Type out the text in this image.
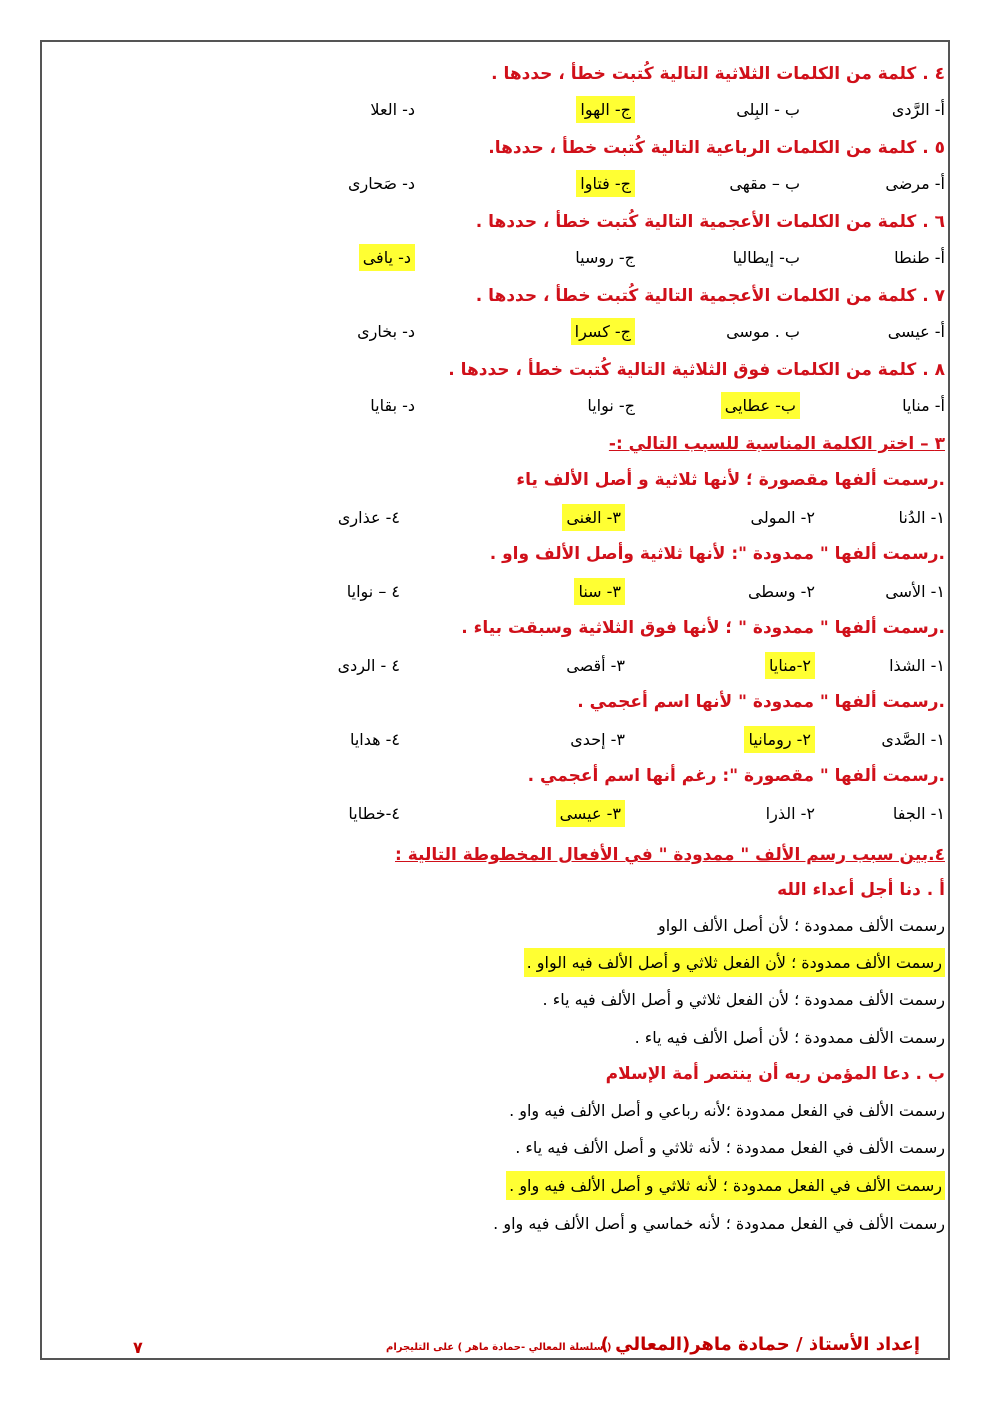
٤ . كلمة من الكلمات الثلاثية التالية كُتبت خطأ ، حددها .
أ- الرَّدى
ب - البِلى
ج- الهوا
د- العلا
٥ . كلمة من الكلمات الرباعية التالية كُتبت خطأ ، حددها.
أ- مرضى
ب – مقهى
ج- فتاوا
د- صَحارى
٦ . كلمة من الكلمات الأعجمية التالية كُتبت خطأ ، حددها .
أ- طنطا
ب- إيطاليا
ج- روسيا
د- يافى
٧ . كلمة من الكلمات الأعجمية التالية كُتبت خطأ ، حددها .
أ- عيسى
ب . موسى
ج- كسرا
د- بخارى
٨ . كلمة من الكلمات فوق الثلاثية التالية كُتبت خطأ ، حددها .
أ- منايا
ب- عطايى
ج- نوايا
د- بقايا
٣ – اختر الكلمة المناسبة للسبب التالي :-
.رسمت ألفها مقصورة ؛ لأنها ثلاثية و أصل الألف ياء
١- الدُنا
٢- المولى
٣- الغنى
٤- عذارى
.رسمت ألفها " ممدودة ": لأنها ثلاثية وأصل الألف واو .
١- الأسى
٢- وسطى
٣- سنا
٤ – نوايا
.رسمت ألفها " ممدودة " ؛ لأنها فوق الثلاثية وسبقت بياء .
١- الشذا
٢-منايا
٣- أقصى
٤ - الردى
.رسمت ألفها " ممدودة " لأنها اسم أعجمي .
١- الصَّدى
٢- رومانيا
٣- إحدى
٤- هدايا
.رسمت ألفها " مقصورة ": رغم أنها اسم أعجمي .
١- الجفا
٢- الذرا
٣- عيسى
٤-خطايا
٤.بين سبب رسم الألف " ممدودة " في الأفعال المخطوطة التالية :
أ . دنا أجل أعداء الله
رسمت الألف ممدودة ؛ لأن أصل الألف الواو
رسمت الألف ممدودة ؛ لأن الفعل ثلاثي و أصل الألف فيه الواو .
رسمت الألف ممدودة ؛ لأن الفعل ثلاثي و أصل الألف فيه ياء .
رسمت الألف ممدودة ؛ لأن أصل الألف فيه ياء .
ب . دعا المؤمن ربه أن ينتصر أمة الإسلام
رسمت الألف في الفعل ممدودة ؛لأنه رباعي و أصل الألف فيه واو .
رسمت الألف في الفعل ممدودة ؛ لأنه ثلاثي و أصل الألف فيه ياء .
رسمت الألف في الفعل ممدودة ؛ لأنه ثلاثي و أصل الألف فيه واو .
رسمت الألف في الفعل ممدودة ؛ لأنه خماسي و أصل الألف فيه واو .
إعداد الأستاذ / حمادة ماهر(المعالي )
( سلسلة المعالي -حمادة ماهر ) على التليجرام
٧
